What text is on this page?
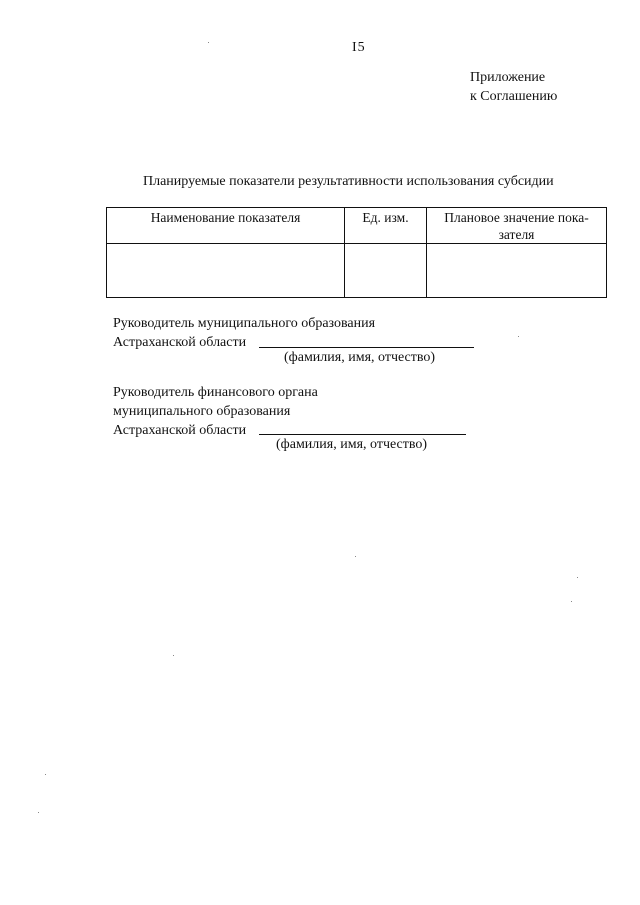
I5
Приложение
к Соглашению
Планируемые показатели результативности использования субсидии
Наименование показателя	Ед. изм.	Плановое значение пока-зателя

Руководитель муниципального образования
Астраханской области
(фамилия, имя, отчество)
Руководитель финансового органа
муниципального образования
Астраханской области
(фамилия, имя, отчество)
